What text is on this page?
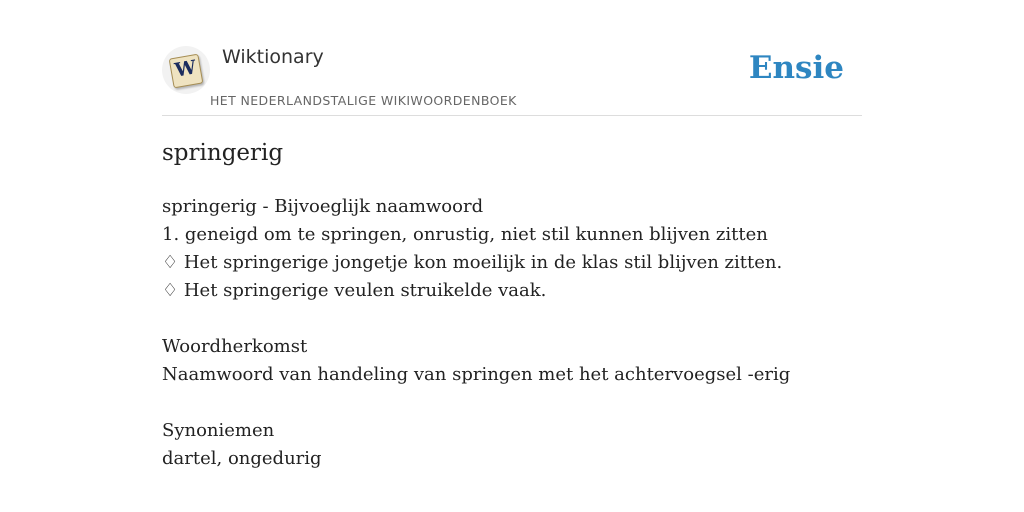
W Wiktionary
HET NEDERLANDSTALIGE WIKIWOORDENBOEK
Ensie
springerig
springerig - Bijvoeglijk naamwoord
1. geneigd om te springen, onrustig, niet stil kunnen blijven zitten
♢ Het springerige jongetje kon moeilijk in de klas stil blijven zitten.
♢ Het springerige veulen struikelde vaak.
Woordherkomst
Naamwoord van handeling van springen met het achtervoegsel -erig
Synoniemen
dartel, ongedurig
